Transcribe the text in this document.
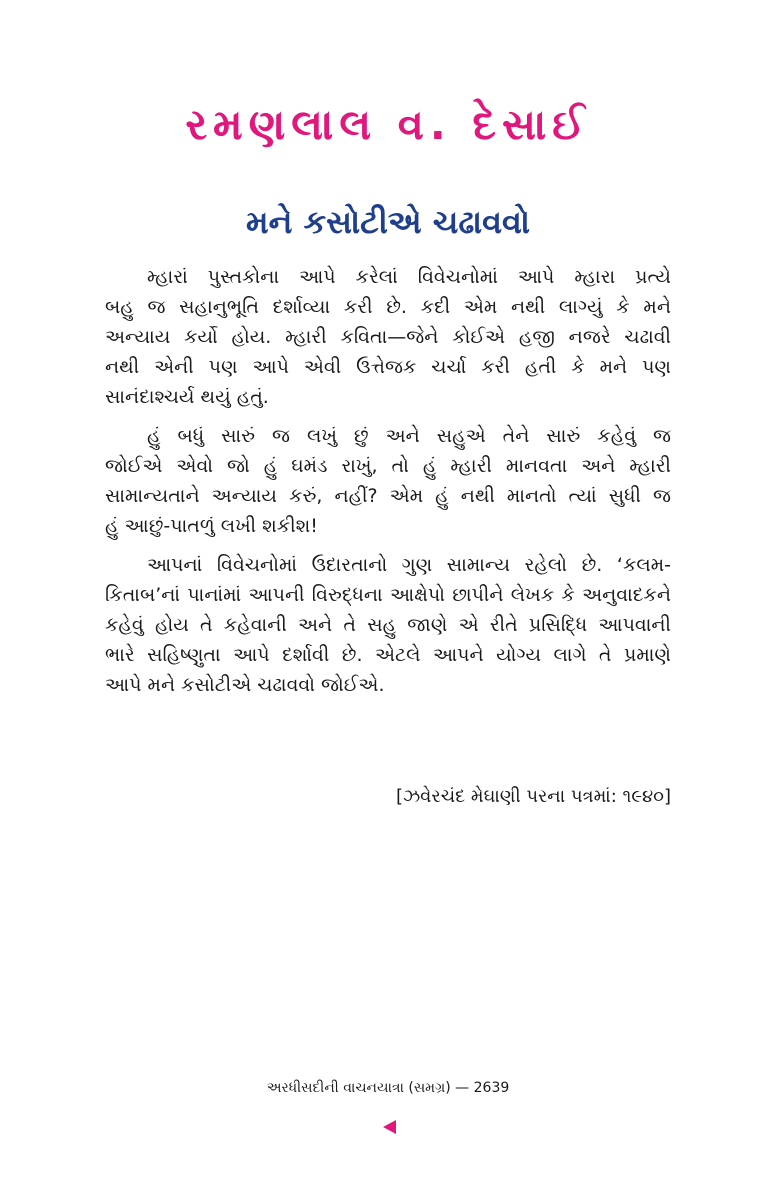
રમણલાલ વ. દેસાઈ
મને કસોટીએ ચઢાવવો
મ્હારાં પુસ્તકોના આપે કરેલાં વિવેચનોમાં આપે મ્હારા પ્રત્યે
બહુ જ સહાનુભૂતિ દર્શાવ્યા કરી છે. કદી એમ નથી લાગ્યું કે મને
અન્યાય કર્યો હોય. મ્હારી કવિતા—જેને કોઈએ હજી નજરે ચઢાવી
નથી એની પણ આપે એવી ઉત્તેજક ચર્ચા કરી હતી કે મને પણ
સાનંદાશ્ચર્ય થયું હતું.
હું બધું સારું જ લખું છું અને સહુએ તેને સારું કહેવું જ
જોઈએ એવો જો હું ઘમંડ રાખું, તો હું મ્હારી માનવતા અને મ્હારી
સામાન્યતાને અન્યાય કરું, નહીં? એમ હું નથી માનતો ત્યાં સુધી જ
હું આછું-પાતળું લખી શકીશ!
આપનાં વિવેચનોમાં ઉદારતાનો ગુણ સામાન્ય રહેલો છે. ‘કલમ-
કિતાબ’નાં પાનાંમાં આપની વિરુદ્ધના આક્ષેપો છાપીને લેખક કે અનુવાદકને
કહેવું હોય તે કહેવાની અને તે સહુ જાણે એ રીતે પ્રસિદ્ધિ આપવાની
ભારે સહિષ્ણુતા આપે દર્શાવી છે. એટલે આપને યોગ્ય લાગે તે પ્રમાણે
આપે મને કસોટીએ ચઢાવવો જોઈએ.
[ઝવેરચંદ મેઘાણી પરના પત્રમાં: ૧૯૪૦]
અરધીસદીની વાચનયાત્રા (સમગ્ર) — 2639
